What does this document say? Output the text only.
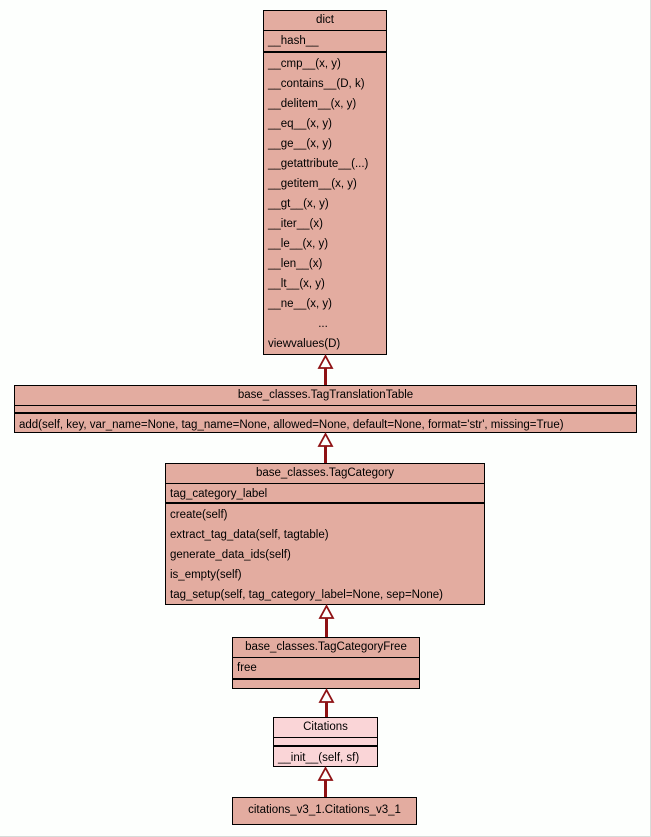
dict
__hash__
__cmp__(x, y)
__contains__(D, k)
__delitem__(x, y)
__eq__(x, y)
__ge__(x, y)
__getattribute__(...)
__getitem__(x, y)
__gt__(x, y)
__iter__(x)
__le__(x, y)
__len__(x)
__lt__(x, y)
__ne__(x, y)
...
viewvalues(D)
base_classes.TagTranslationTable
add(self, key, var_name=None, tag_name=None, allowed=None, default=None, format='str', missing=True)
base_classes.TagCategory
tag_category_label
create(self)
extract_tag_data(self, tagtable)
generate_data_ids(self)
is_empty(self)
tag_setup(self, tag_category_label=None, sep=None)
base_classes.TagCategoryFree
free
Citations
__init__(self, sf)
citations_v3_1.Citations_v3_1
